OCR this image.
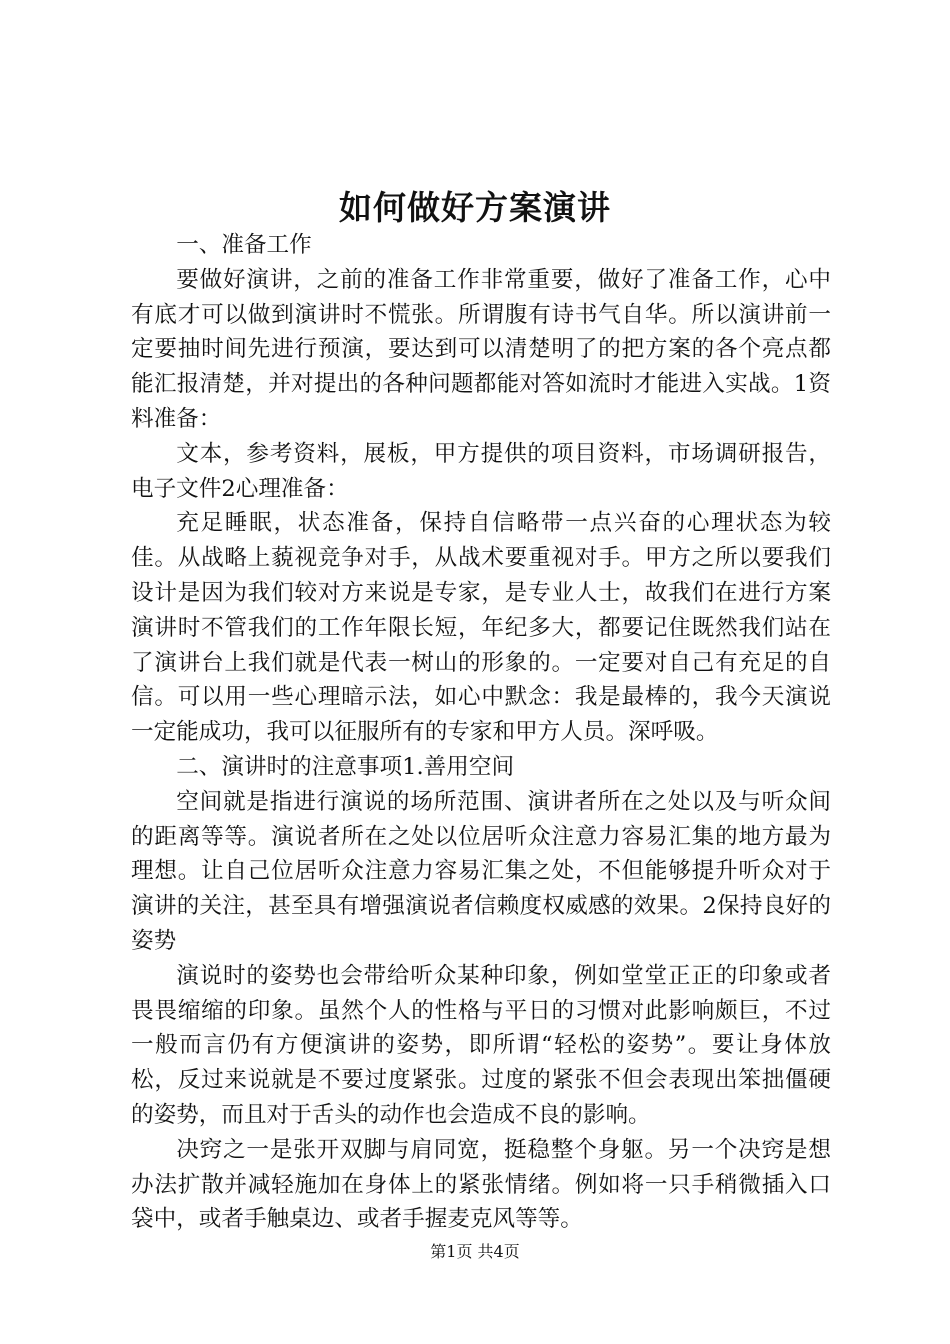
如何做好方案演讲

一、准备工作

要做好演讲，之前的准备工作非常重要，做好了准备工作，心中有底才可以做到演讲时不慌张。所谓腹有诗书气自华。所以演讲前一定要抽时间先进行预演，要达到可以清楚明了的把方案的各个亮点都能汇报清楚，并对提出的各种问题都能对答如流时才能进入实战。1资料准备：

文本，参考资料，展板，甲方提供的项目资料，市场调研报告，电子文件2心理准备：

充足睡眠，状态准备，保持自信略带一点兴奋的心理状态为较佳。从战略上藐视竞争对手，从战术要重视对手。甲方之所以要我们设计是因为我们较对方来说是专家，是专业人士，故我们在进行方案演讲时不管我们的工作年限长短，年纪多大，都要记住既然我们站在了演讲台上我们就是代表一树山的形象的。一定要对自己有充足的自信。可以用一些心理暗示法，如心中默念：我是最棒的，我今天演说一定能成功，我可以征服所有的专家和甲方人员。深呼吸。

二、演讲时的注意事项1.善用空间

空间就是指进行演说的场所范围、演讲者所在之处以及与听众间的距离等等。演说者所在之处以位居听众注意力容易汇集的地方最为理想。让自己位居听众注意力容易汇集之处，不但能够提升听众对于演讲的关注，甚至具有增强演说者信赖度权威感的效果。2保持良好的姿势

演说时的姿势也会带给听众某种印象，例如堂堂正正的印象或者畏畏缩缩的印象。虽然个人的性格与平日的习惯对此影响颇巨，不过一般而言仍有方便演讲的姿势，即所谓“轻松的姿势”。要让身体放松，反过来说就是不要过度紧张。过度的紧张不但会表现出笨拙僵硬的姿势，而且对于舌头的动作也会造成不良的影响。

决窍之一是张开双脚与肩同宽，挺稳整个身躯。另一个决窍是想办法扩散并减轻施加在身体上的紧张情绪。例如将一只手稍微插入口袋中，或者手触桌边、或者手握麦克风等等。

第1页 共4页
